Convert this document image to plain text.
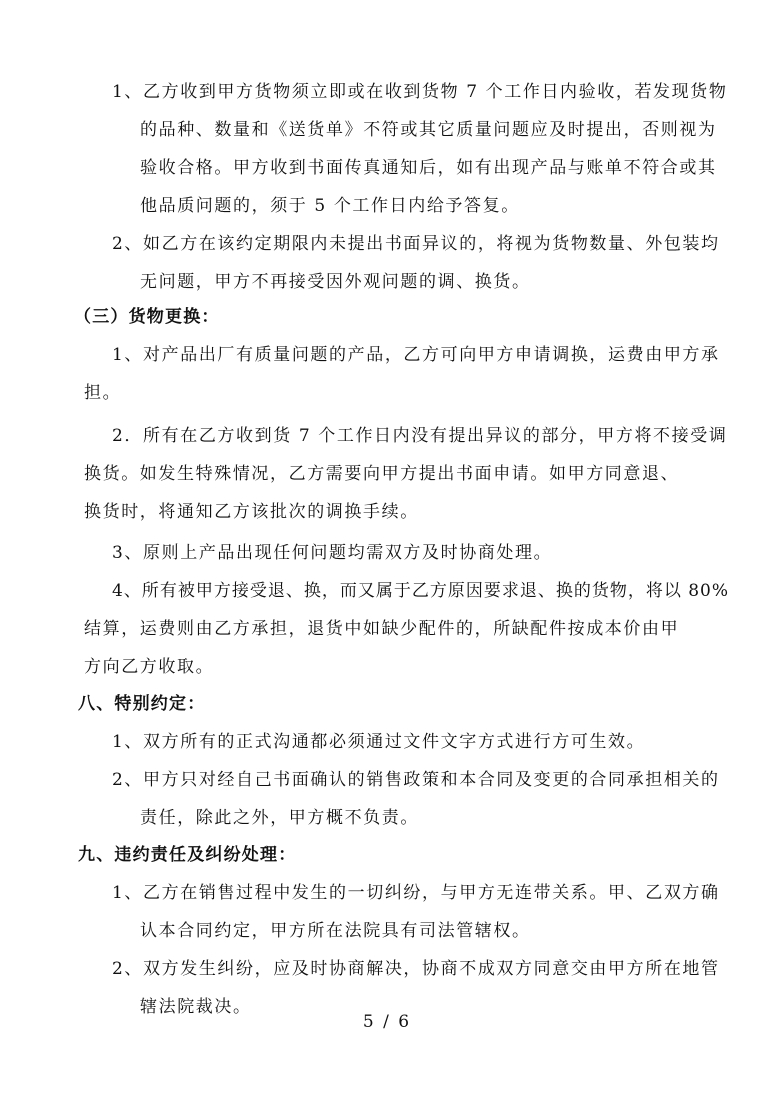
1、乙方收到甲方货物须立即或在收到货物 7 个工作日内验收，若发现货物
的品种、数量和《送货单》不符或其它质量问题应及时提出，否则视为
验收合格。甲方收到书面传真通知后，如有出现产品与账单不符合或其
他品质问题的，须于 5 个工作日内给予答复。
2、如乙方在该约定期限内未提出书面异议的，将视为货物数量、外包装均
无问题，甲方不再接受因外观问题的调、换货。
（三）货物更换：
1、对产品出厂有质量问题的产品，乙方可向甲方申请调换，运费由甲方承
担。
2．所有在乙方收到货 7 个工作日内没有提出异议的部分，甲方将不接受调
换货。如发生特殊情况，乙方需要向甲方提出书面申请。如甲方同意退、
换货时，将通知乙方该批次的调换手续。
3、原则上产品出现任何问题均需双方及时协商处理。
4、所有被甲方接受退、换，而又属于乙方原因要求退、换的货物，将以 80%
结算，运费则由乙方承担，退货中如缺少配件的，所缺配件按成本价由甲
方向乙方收取。
八、特别约定：
1、双方所有的正式沟通都必须通过文件文字方式进行方可生效。
2、甲方只对经自己书面确认的销售政策和本合同及变更的合同承担相关的
责任，除此之外，甲方概不负责。
九、违约责任及纠纷处理：
1、乙方在销售过程中发生的一切纠纷，与甲方无连带关系。甲、乙双方确
认本合同约定，甲方所在法院具有司法管辖权。
2、双方发生纠纷，应及时协商解决，协商不成双方同意交由甲方所在地管
辖法院裁决。
5 / 6
